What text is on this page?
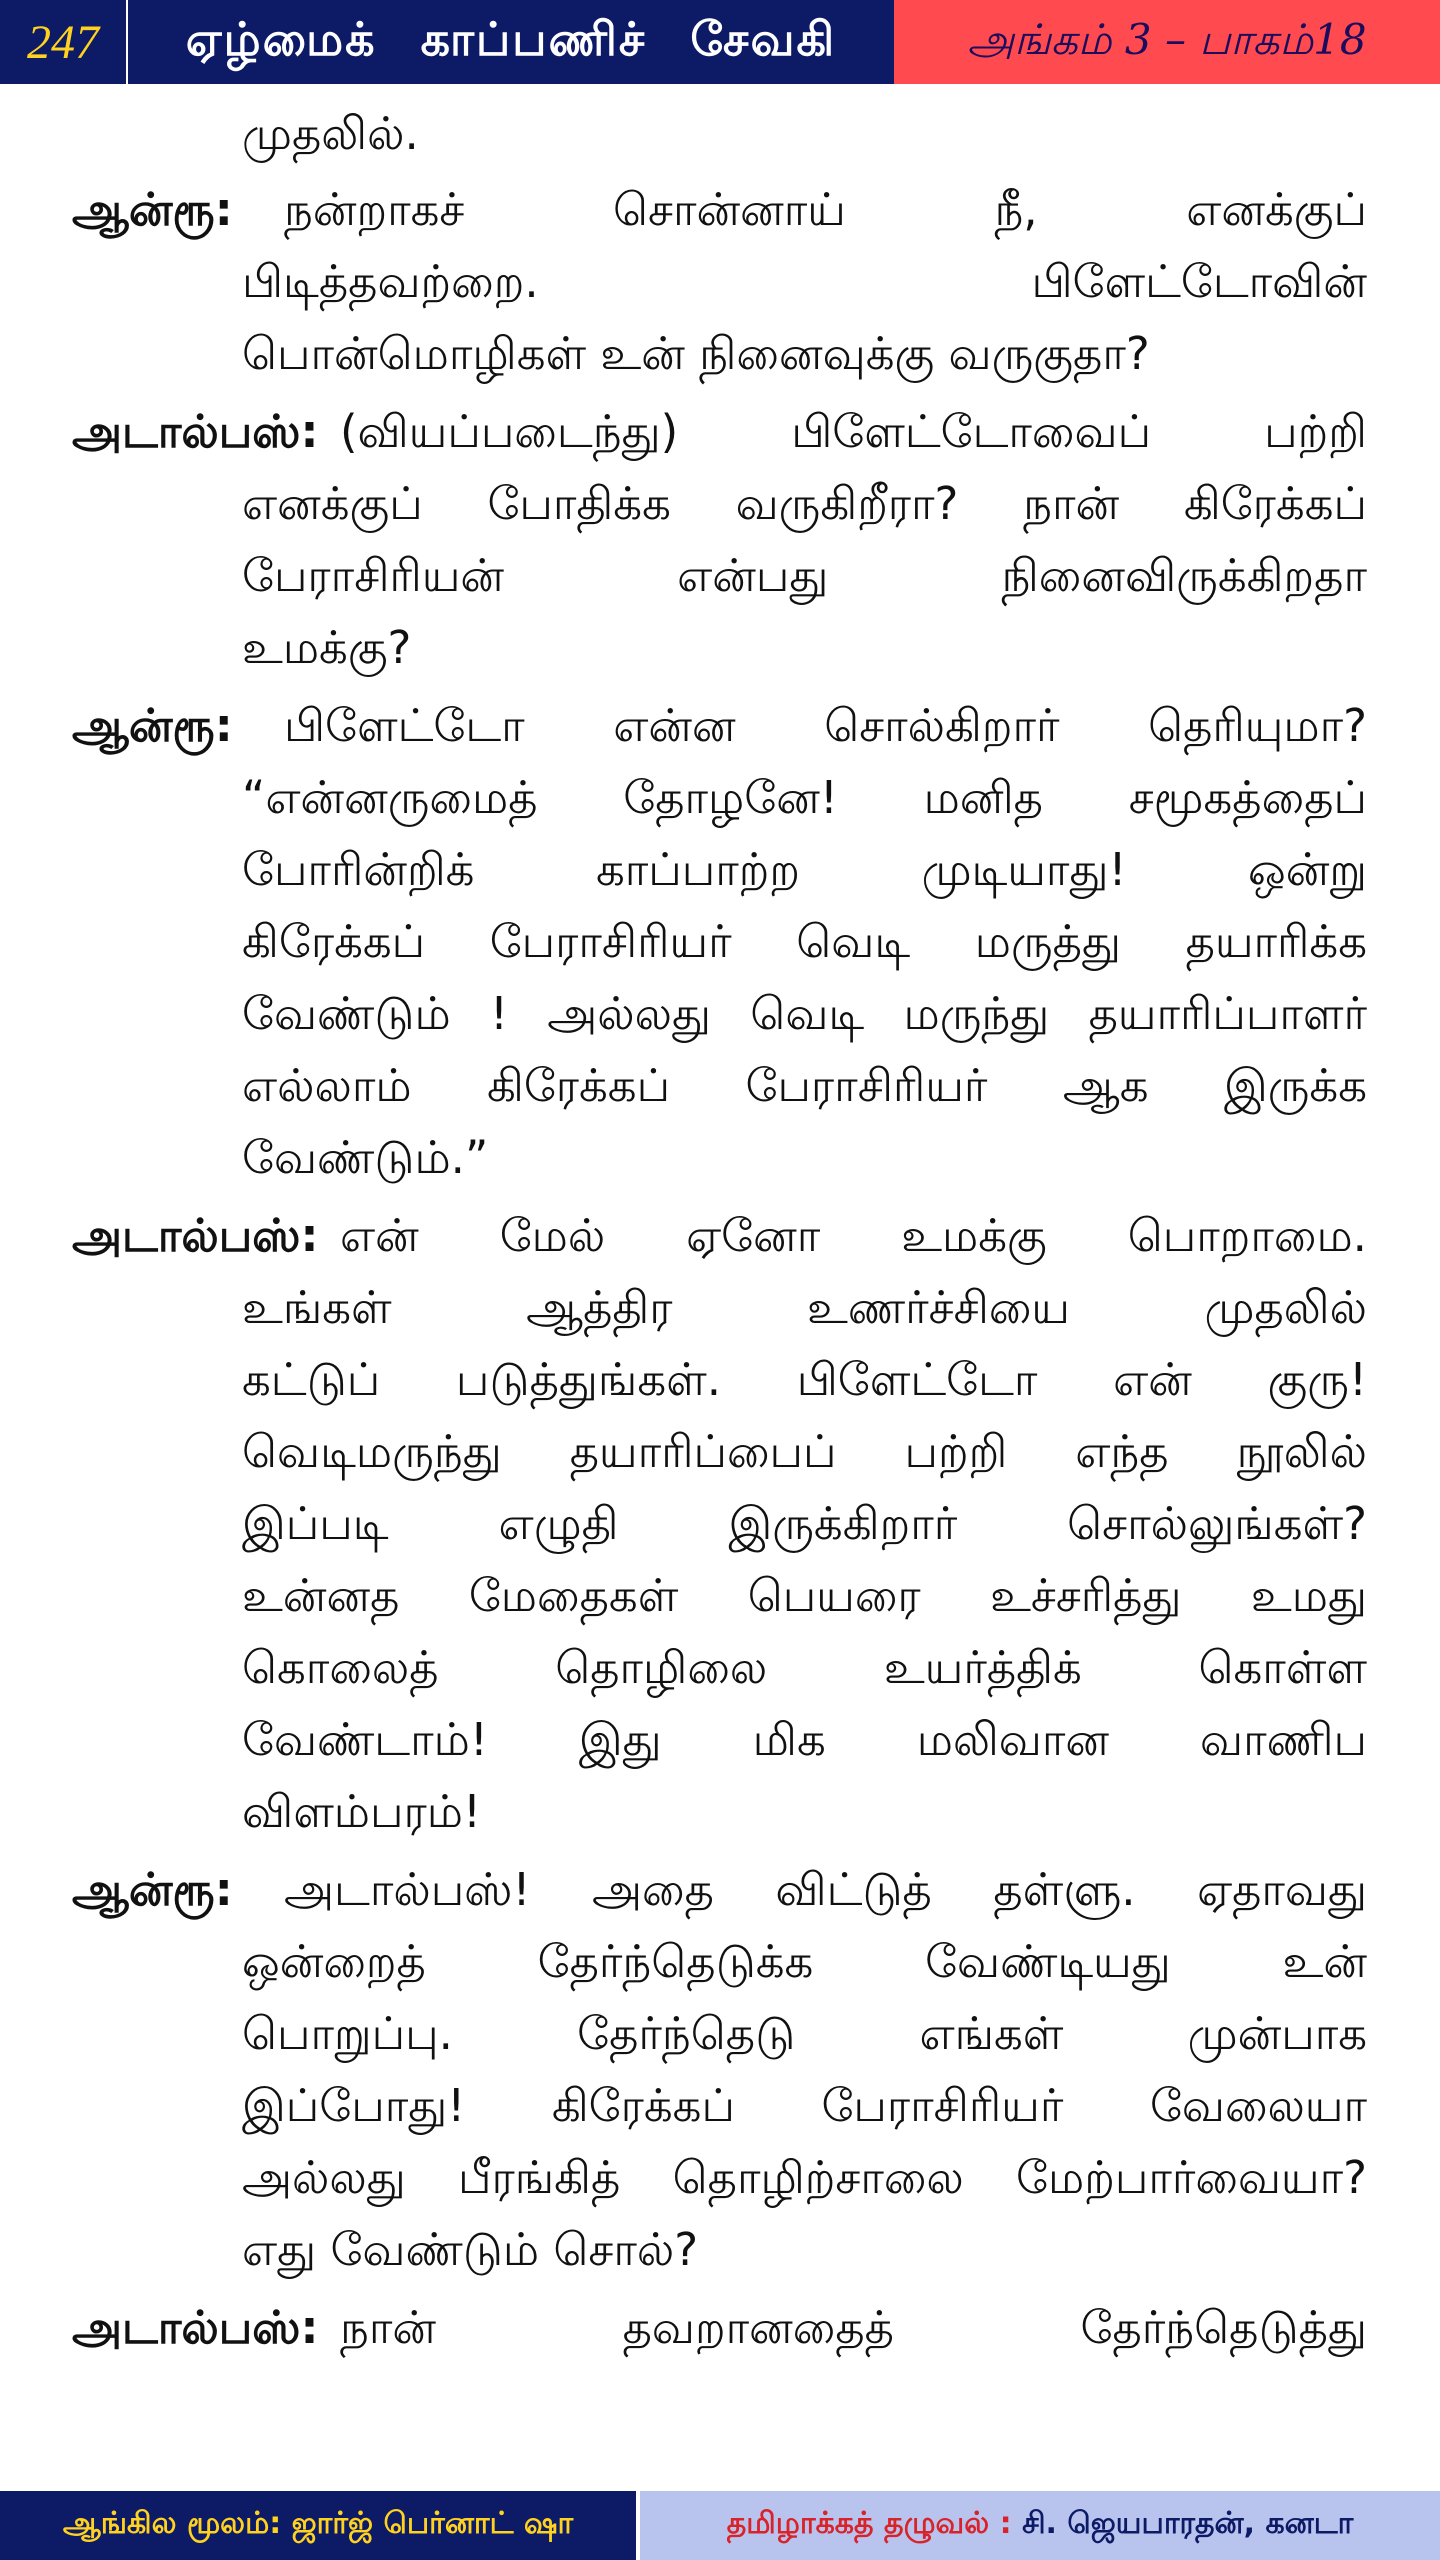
247	ஏழ்மைக் காப்பணிச் சேவகி	அங்கம் 3 – பாகம்18
முதலில்.
ஆன்ரூ: நன்றாகச் சொன்னாய் நீ, எனக்குப்
பிடித்தவற்றை. பிளேட்டோவின்
பொன்மொழிகள் உன் நினைவுக்கு வருகுதா?
அடால்பஸ்: (வியப்படைந்து) பிளேட்டோவைப் பற்றி
எனக்குப் போதிக்க வருகிறீரா? நான் கிரேக்கப்
பேராசிரியன் என்பது நினைவிருக்கிறதா
உமக்கு?
ஆன்ரூ: பிளேட்டோ என்ன சொல்கிறார் தெரியுமா?
“என்னருமைத் தோழனே! மனித சமூகத்தைப்
போரின்றிக் காப்பாற்ற முடியாது! ஒன்று
கிரேக்கப் பேராசிரியர் வெடி மருத்து தயாரிக்க
வேண்டும் ! அல்லது வெடி மருந்து தயாரிப்பாளர்
எல்லாம் கிரேக்கப் பேராசிரியர் ஆக இருக்க
வேண்டும்.”
அடால்பஸ்: என் மேல் ஏனோ உமக்கு பொறாமை.
உங்கள் ஆத்திர உணர்ச்சியை முதலில்
கட்டுப் படுத்துங்கள். பிளேட்டோ என் குரு!
வெடிமருந்து தயாரிப்பைப் பற்றி எந்த நூலில்
இப்படி எழுதி இருக்கிறார் சொல்லுங்கள்?
உன்னத மேதைகள் பெயரை உச்சரித்து உமது
கொலைத் தொழிலை உயர்த்திக் கொள்ள
வேண்டாம்! இது மிக மலிவான வாணிப
விளம்பரம்!
ஆன்ரூ: அடால்பஸ்! அதை விட்டுத் தள்ளு. ஏதாவது
ஒன்றைத் தேர்ந்தெடுக்க வேண்டியது உன்
பொறுப்பு. தேர்ந்தெடு எங்கள் முன்பாக
இப்போது! கிரேக்கப் பேராசிரியர் வேலையா
அல்லது பீரங்கித் தொழிற்சாலை மேற்பார்வையா?
எது வேண்டும் சொல்?
அடால்பஸ்: நான் தவறானதைத் தேர்ந்தெடுத்து
ஆங்கில மூலம்: ஜார்ஜ் பெர்னாட் ஷா	தமிழாக்கத் தழுவல் :
சி. ஜெயபாரதன், கனடா
